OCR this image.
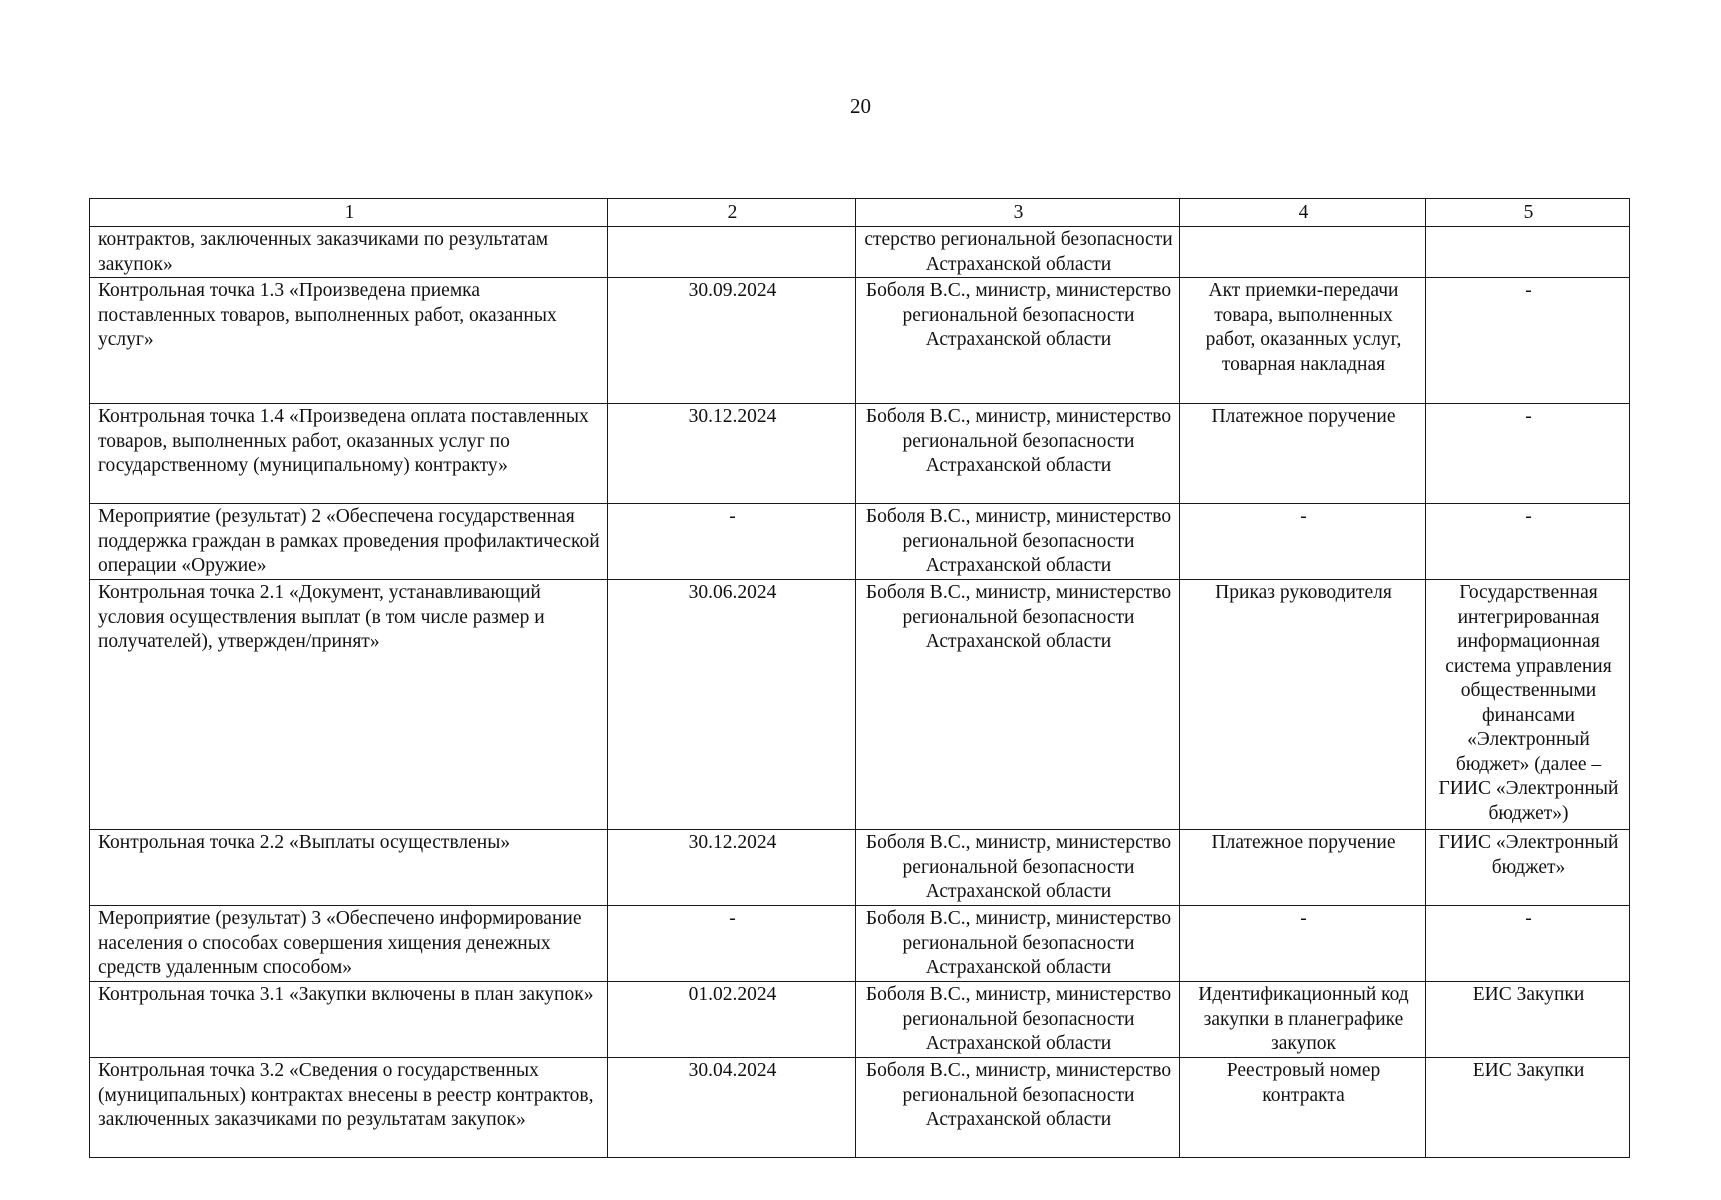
20
1	2	3	4	5
контрактов, заключенных заказчиками по результатам закупок»		стерство региональной безопасности Астраханской области		
Контрольная точка 1.3 «Произведена приемка поставленных товаров, выполненных работ, оказанных услуг»	30.09.2024	Боболя В.С., министр, министерство региональной безопасности Астраханской области	Акт приемки-передачи товара, выполненных работ, оказанных услуг, товарная накладная	-
Контрольная точка 1.4 «Произведена оплата поставленных товаров, выполненных работ, оказанных услуг по государственному (муниципальному) контракту»	30.12.2024	Боболя В.С., министр, министерство региональной безопасности Астраханской области	Платежное поручение	-
Мероприятие (результат) 2 «Обеспечена государственная поддержка граждан в рамках проведения профилактической операции «Оружие»	-	Боболя В.С., министр, министерство региональной безопасности Астраханской области	-	-
Контрольная точка 2.1 «Документ, устанавливающий условия осуществления выплат (в том числе размер и получателей), утвержден/принят»	30.06.2024	Боболя В.С., министр, министерство региональной безопасности Астраханской области	Приказ руководителя	Государственная интегрированная информационная система управления общественными финансами «Электронный бюджет» (далее – ГИИС «Электронный бюджет»)
Контрольная точка 2.2 «Выплаты осуществлены»	30.12.2024	Боболя В.С., министр, министерство региональной безопасности Астраханской области	Платежное поручение	ГИИС «Электронный бюджет»
Мероприятие (результат) 3 «Обеспечено информирование населения о способах совершения хищения денежных средств удаленным способом»	-	Боболя В.С., министр, министерство региональной безопасности Астраханской области	-	-
Контрольная точка 3.1 «Закупки включены в план закупок»	01.02.2024	Боболя В.С., министр, министерство региональной безопасности Астраханской области	Идентификационный код закупки в планеграфике закупок	ЕИС Закупки
Контрольная точка 3.2 «Сведения о государственных (муниципальных) контрактах внесены в реестр контрактов, заключенных заказчиками по результатам закупок»	30.04.2024	Боболя В.С., министр, министерство региональной безопасности Астраханской области	Реестровый номер контракта	ЕИС Закупки
